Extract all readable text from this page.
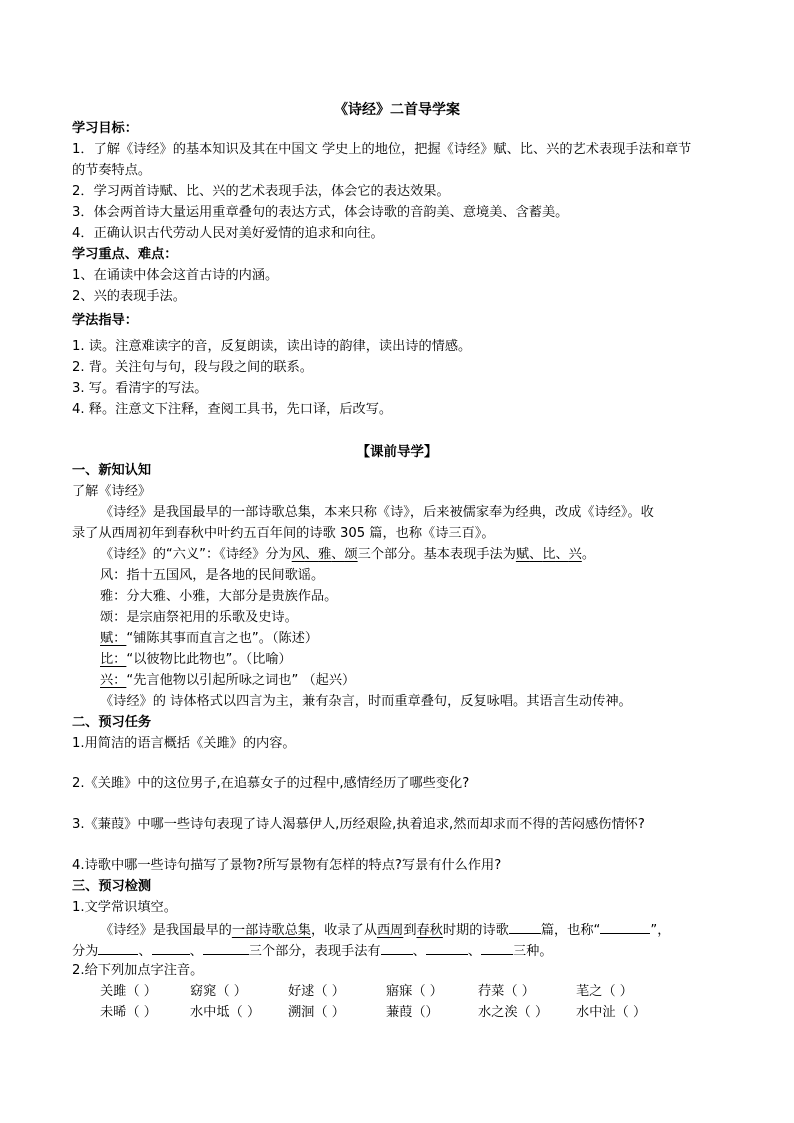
《诗经》二首导学案
学习目标：
1．了解《诗经》的基本知识及其在中国文 学史上的地位，把握《诗经》赋、比、兴的艺术表现手法和章节
的节奏特点。
2．学习两首诗赋、比、兴的艺术表现手法，体会它的表达效果。
3．体会两首诗大量运用重章叠句的表达方式，体会诗歌的音韵美、意境美、含蓄美。
4．正确认识古代劳动人民对美好爱情的追求和向往。
学习重点、难点：
1、在诵读中体会这首古诗的内涵。
2、兴的表现手法。
学法指导：
1. 读。注意难读字的音，反复朗读，读出诗的韵律，读出诗的情感。
2. 背。关注句与句，段与段之间的联系。
3. 写。看清字的写法。
4. 释。注意文下注释，查阅工具书，先口译，后改写。
【课前导学】
一、新知认知
了解《诗经》
《诗经》是我国最早的一部诗歌总集，本来只称《诗》，后来被儒家奉为经典，改成《诗经》。收
录了从西周初年到春秋中叶约五百年间的诗歌 305 篇，也称《诗三百》。
《诗经》的“六义”：《诗经》分为风、雅、颂三个部分。基本表现手法为赋、比、兴。
风：指十五国风，是各地的民间歌谣。
雅：分大雅、小雅，大部分是贵族作品。
颂：是宗庙祭祀用的乐歌及史诗。
赋：“铺陈其事而直言之也”。（陈述）
比：“以彼物比此物也”。（比喻）
兴：“先言他物以引起所咏之词也” （起兴）
《诗经》的 诗体格式以四言为主，兼有杂言，时而重章叠句，反复咏唱。其语言生动传神。
二、预习任务
1.用简洁的语言概括《关雎》的内容。
2.《关雎》中的这位男子,在追慕女子的过程中,感情经历了哪些变化?
3.《蒹葭》中哪一些诗句表现了诗人渴慕伊人,历经艰险,执着追求,然而却求而不得的苦闷感伤情怀?
4.诗歌中哪一些诗句描写了景物?所写景物有怎样的特点?写景有什么作用?
三、预习检测
1.文学常识填空。
《诗经》是我国最早的一部诗歌总集，收录了从西周到春秋时期的诗歌 篇，也称“	”，
分为	、	、	三个部分，表现手法有 、	、 三种。
2.给下列加点字注音。
关雎（ ）	窈窕（ ）	好逑（ ）	寤寐（ ）	荇菜（ ）	芼之（ ）
未晞（ ）	水中坻（ ）	溯洄（ ）	蒹葭（）	水之涘（ ）	水中沚（ ）
